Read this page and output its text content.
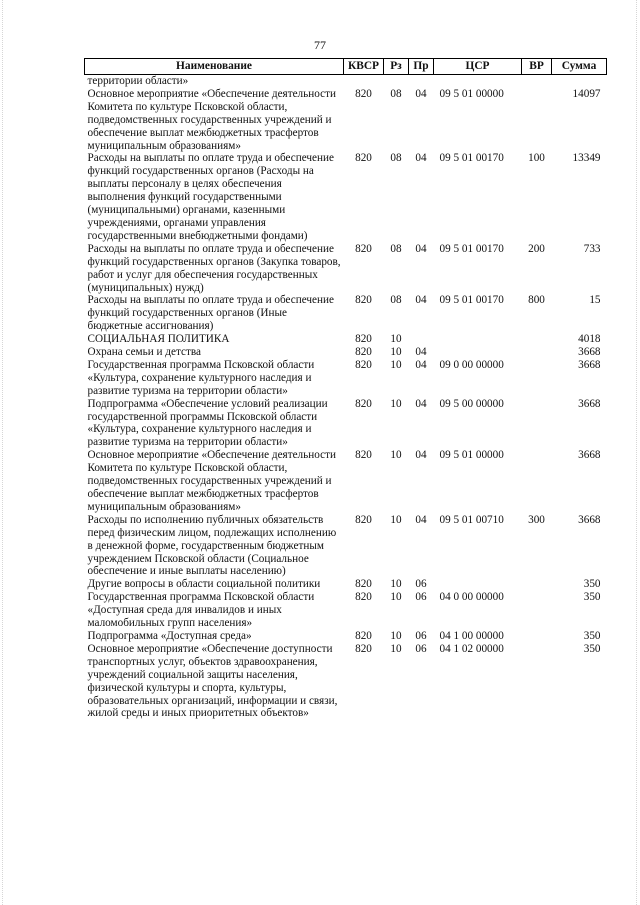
77
Наименование	КВСР	Рз	Пр	ЦСР	ВР	Сумма
территории области»						
Основное мероприятие «Обеспечение деятельности Комитета по культуре Псковской области, подведомственных государственных учреждений и обеспечение выплат межбюджетных трасфертов муниципальным образованиям»	820	08	04	09 5 01 00000		14097
Расходы на выплаты по оплате труда и обеспечение функций государственных органов (Расходы на выплаты персоналу в целях обеспечения выполнения функций государственными (муниципальными) органами, казенными учреждениями, органами управления государственными внебюджетными фондами)	820	08	04	09 5 01 00170	100	13349
Расходы на выплаты по оплате труда и обеспечение функций государственных органов (Закупка товаров, работ и услуг для обеспечения государственных (муниципальных) нужд)	820	08	04	09 5 01 00170	200	733
Расходы на выплаты по оплате труда и обеспечение функций государственных органов (Иные бюджетные ассигнования)	820	08	04	09 5 01 00170	800	15
СОЦИАЛЬНАЯ ПОЛИТИКА	820	10				4018
Охрана семьи и детства	820	10	04			3668
Государственная программа Псковской области «Культура, сохранение культурного наследия и развитие туризма на территории области»	820	10	04	09 0 00 00000		3668
Подпрограмма «Обеспечение условий реализации государственной программы Псковской области «Культура, сохранение культурного наследия и развитие туризма на территории области»	820	10	04	09 5 00 00000		3668
Основное мероприятие «Обеспечение деятельности Комитета по культуре Псковской области, подведомственных государственных учреждений и обеспечение выплат межбюджетных трасфертов муниципальным образованиям»	820	10	04	09 5 01 00000		3668
Расходы по исполнению публичных обязательств перед физическим лицом, подлежащих исполнению в денежной форме, государственным бюджетным учреждением Псковской области (Социальное обеспечение и иные выплаты населению)	820	10	04	09 5 01 00710	300	3668
Другие вопросы в области социальной политики	820	10	06			350
Государственная программа Псковской области «Доступная среда для инвалидов и иных маломобильных групп населения»	820	10	06	04 0 00 00000		350
Подпрограмма «Доступная среда»	820	10	06	04 1 00 00000		350
Основное мероприятие «Обеспечение доступности транспортных услуг, объектов здравоохранения, учреждений социальной защиты населения, физической культуры и спорта, культуры, образовательных организаций, информации и связи, жилой среды и иных приоритетных объектов»	820	10	06	04 1 02 00000		350
